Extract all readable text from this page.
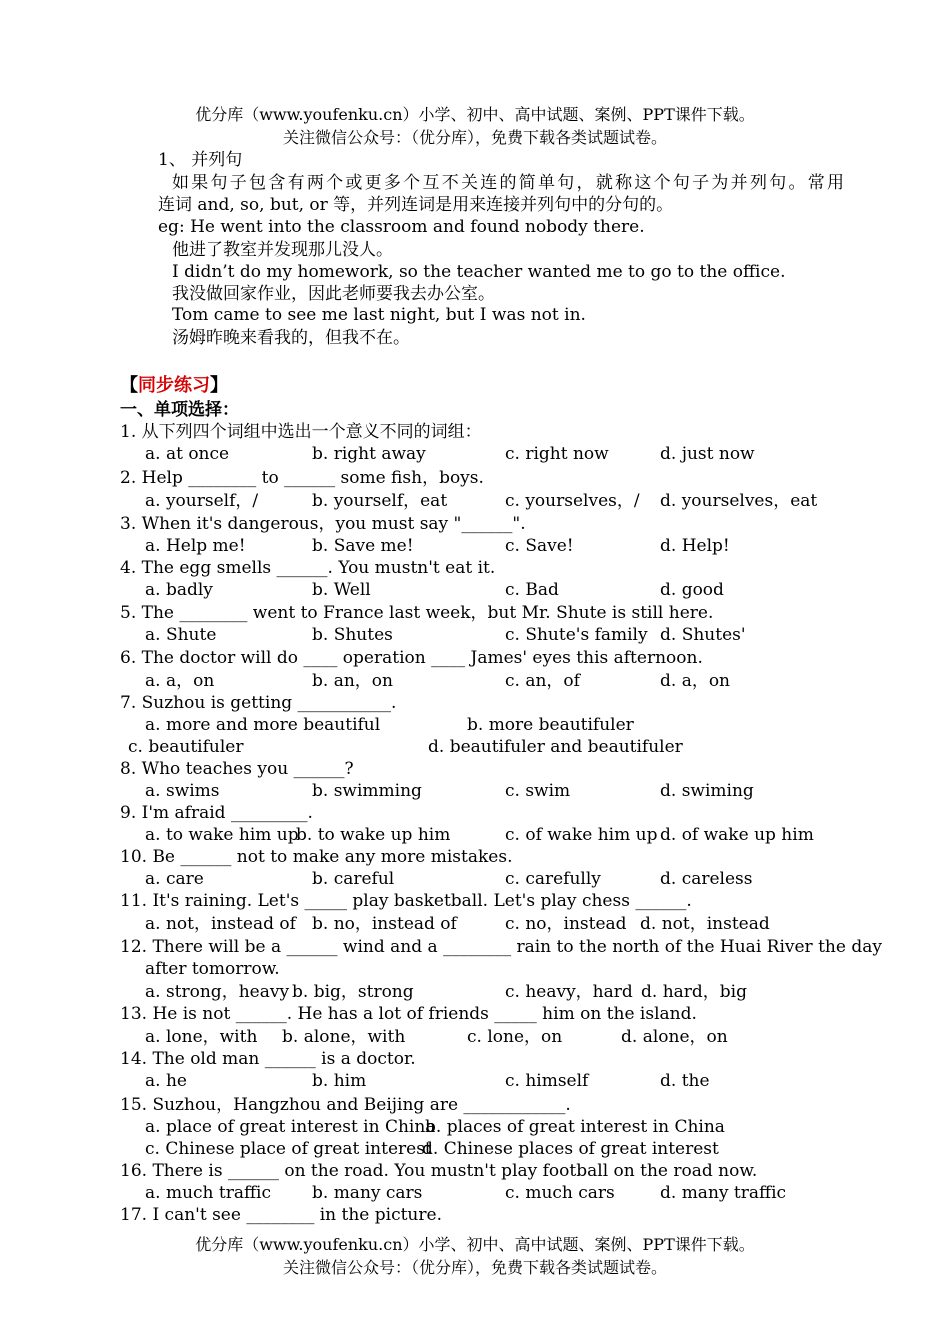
优分库（www.youfenku.cn）小学、初中、高中试题、案例、PPT课件下载。
关注微信公众号：（优分库），免费下载各类试题试卷。
1、 并列句
如果句子包含有两个或更多个互不关连的简单句，就称这个句子为并列句。常用
连词 and, so, but, or 等，并列连词是用来连接并列句中的分句的。
eg: He went into the classroom and found nobody there.
他进了教室并发现那儿没人。
I didn’t do my homework, so the teacher wanted me to go to the office.
我没做回家作业，因此老师要我去办公室。
Tom came to see me last night, but I was not in.
汤姆昨晚来看我的，但我不在。
【同步练习】
一、单项选择：
1. 从下列四个词组中选出一个意义不同的词组：
a. at once	b. right away	c. right now	d. just now
2. Help ________ to ______ some fish，boys.
a. yourself，/	b. yourself，eat	c. yourselves，/ d. yourselves，eat
3. When it's dangerous，you must say "______".
a. Help me!	b. Save me!	c. Save!	d. Help!
4. The egg smells ______. You mustn't eat it.
a. badly	b. Well	c. Bad	d. good
5. The ________ went to France last week，but Mr. Shute is still here.
a. Shute	b. Shutes	c. Shute's family d. Shutes'
6. The doctor will do ____ operation ____ James' eyes this afternoon.
a. a，on	b. an，on	c. an，of	d. a，on
7. Suzhou is getting ___________.
a. more and more beautiful	b. more beautifuler
c. beautifuler	d. beautifuler and beautifuler
8. Who teaches you ______?
a. swims	b. swimming	c. swim	d. swiming
9. I'm afraid _________.
a. to wake him up
b. to wake up him	c. of wake him up d. of wake up him
10. Be ______ not to make any more mistakes.
a. care	b. careful	c. carefully	d. careless
11. It's raining. Let's _____ play basketball. Let's play chess ______.
a. not，instead of b. no，instead of	c. no，instead d. not，instead
12. There will be a ______ wind and a ________ rain to the north of the Huai River the day
after tomorrow.
a. strong，heavy b. big，strong	c. heavy，hard d. hard，big
13. He is not ______. He has a lot of friends _____ him on the island.
a. lone，with b. alone，with	c. lone，on	d. alone，on
14. The old man ______ is a doctor.
a. he	b. him	c. himself	d. the
15. Suzhou，Hangzhou and Beijing are ____________.
a. place of great interest in China
b. places of great interest in China
c. Chinese place of great interest
d. Chinese places of great interest
16. There is ______ on the road. You mustn't play football on the road now.
a. much traffic b. many cars	c. much cars	d. many traffic
17. I can't see ________ in the picture.
优分库（www.youfenku.cn）小学、初中、高中试题、案例、PPT课件下载。
关注微信公众号：（优分库），免费下载各类试题试卷。
